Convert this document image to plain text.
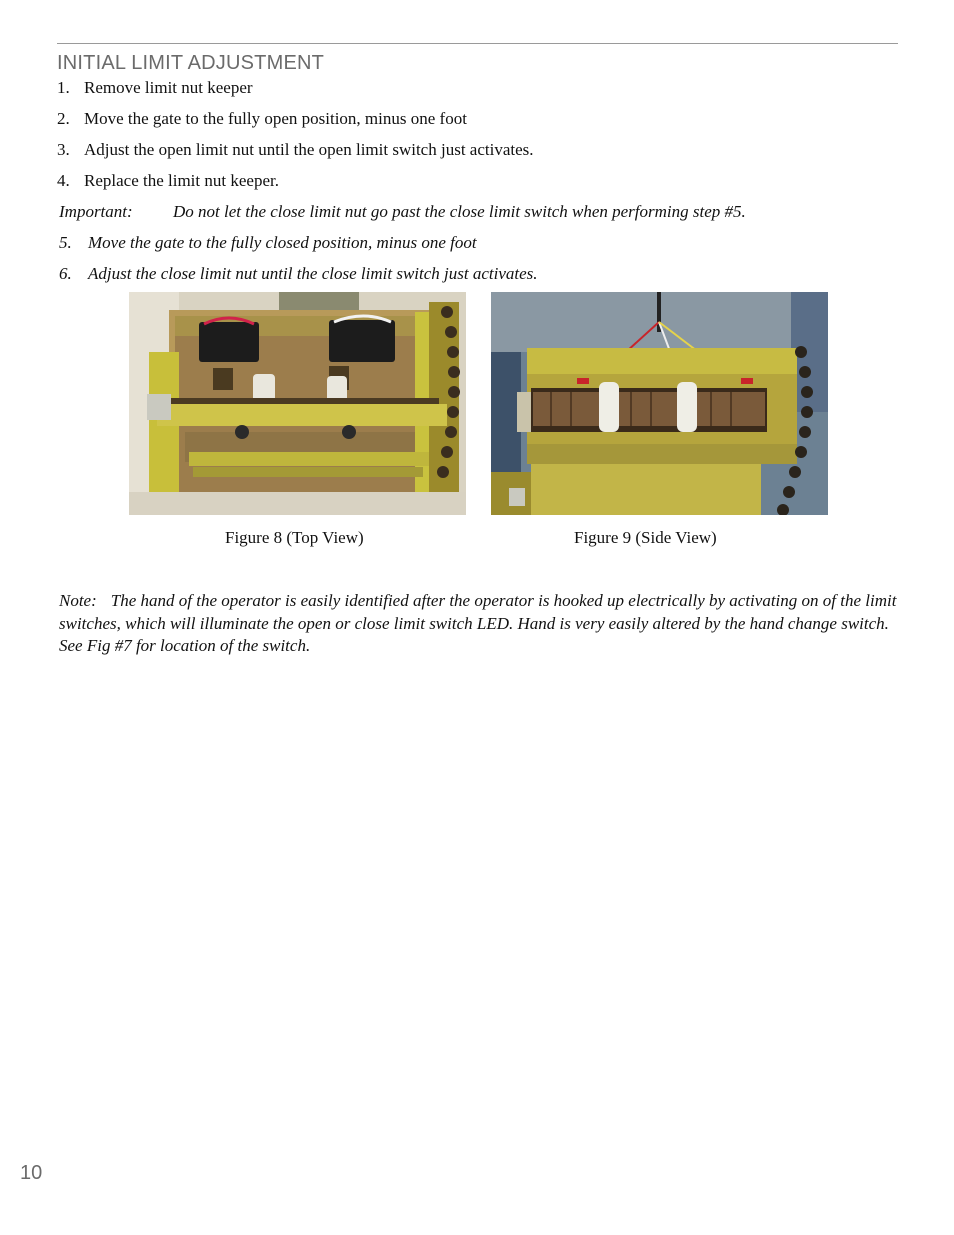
INITIAL LIMIT ADJUSTMENT
1. Remove limit nut keeper
2. Move the gate to the fully open position, minus one foot
3. Adjust the open limit nut until the open limit switch just activates.
4. Replace the limit nut keeper.
Important: Do not let the close limit nut go past the close limit switch when performing step #5.
5. Move the gate to the fully closed position, minus one foot
6. Adjust the close limit nut until the close limit switch just activates.
Figure 8 (Top View)	Figure 9 (Side View)
Note: The hand of the operator is easily identified after the operator is hooked up electrically by activating on of the limit switches, which will illuminate the open or close limit switch LED. Hand is very easily altered by the hand change switch. See Fig #7 for location of the switch.
10
